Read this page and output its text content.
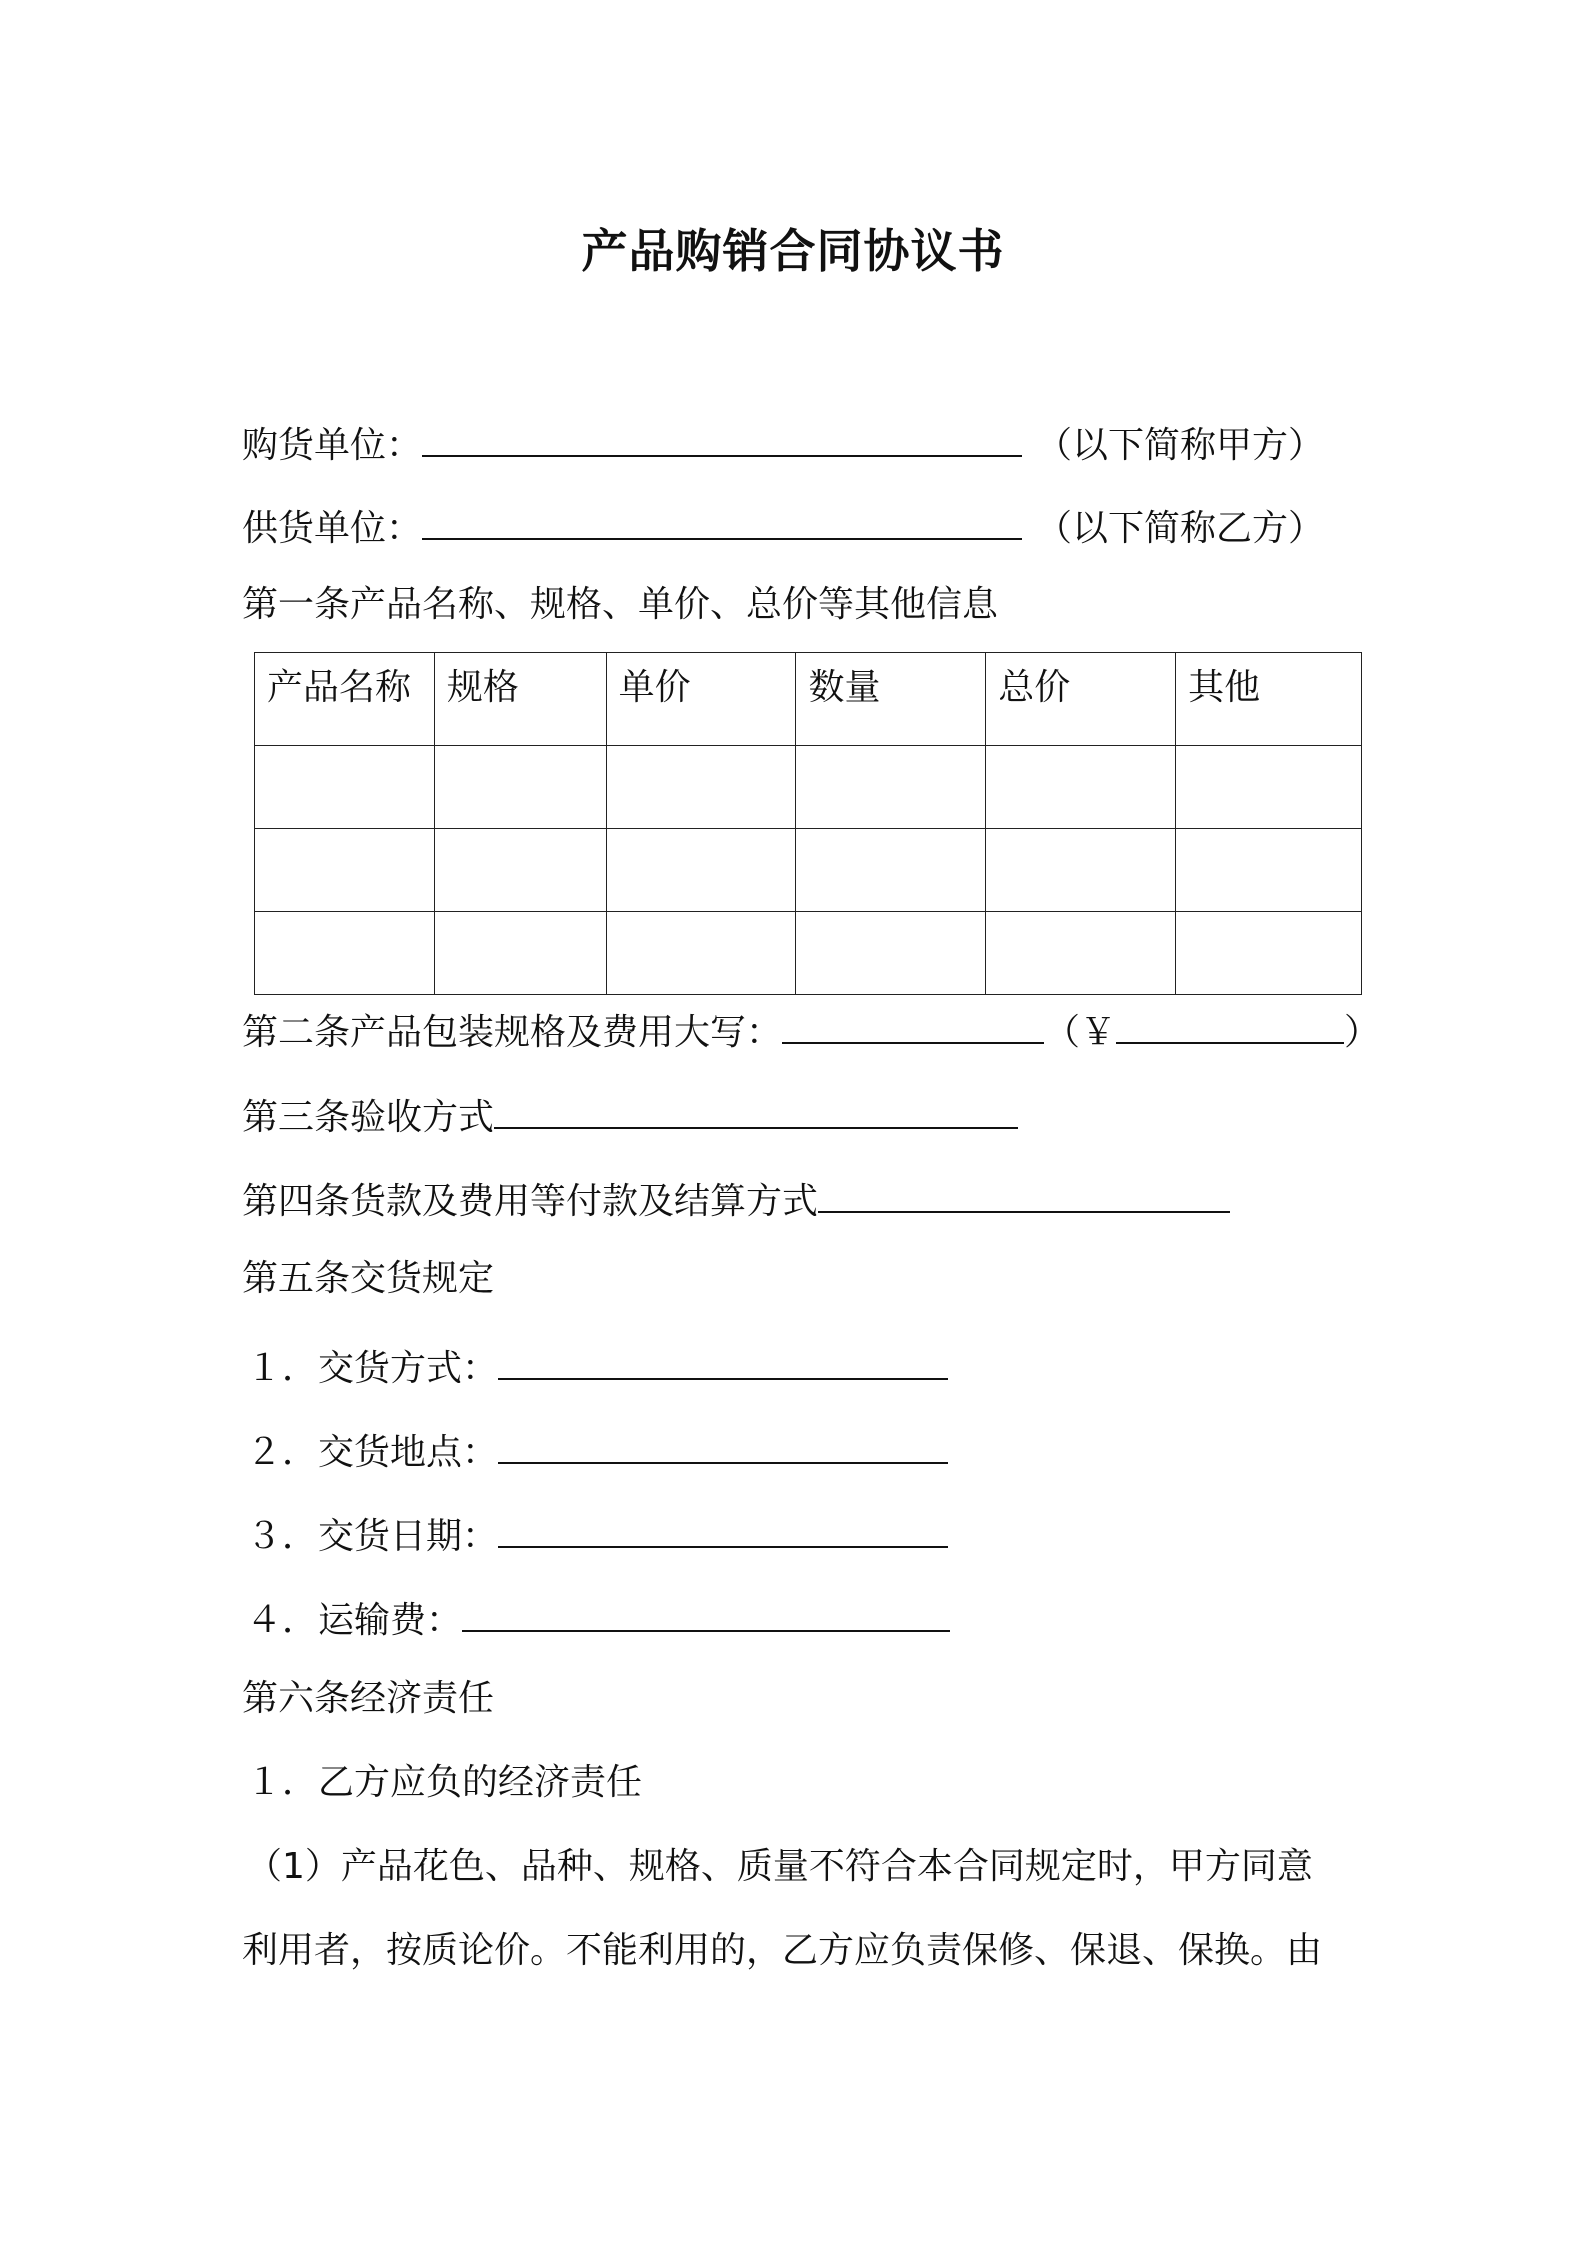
产品购销合同协议书
购货单位：	（以下简称甲方）
供货单位：	（以下简称乙方）
第一条产品名称、规格、单价、总价等其他信息
产品名称	规格	单价	数量	总价	其他

第二条产品包装规格及费用大写：	（￥	）
第三条验收方式
第四条货款及费用等付款及结算方式
第五条交货规定
１．交货方式：
２．交货地点：
３．交货日期：
４．运输费：
第六条经济责任
１．乙方应负的经济责任
（1）产品花色、品种、规格、质量不符合本合同规定时，甲方同意
利用者，按质论价。不能利用的，乙方应负责保修、保退、保换。由
